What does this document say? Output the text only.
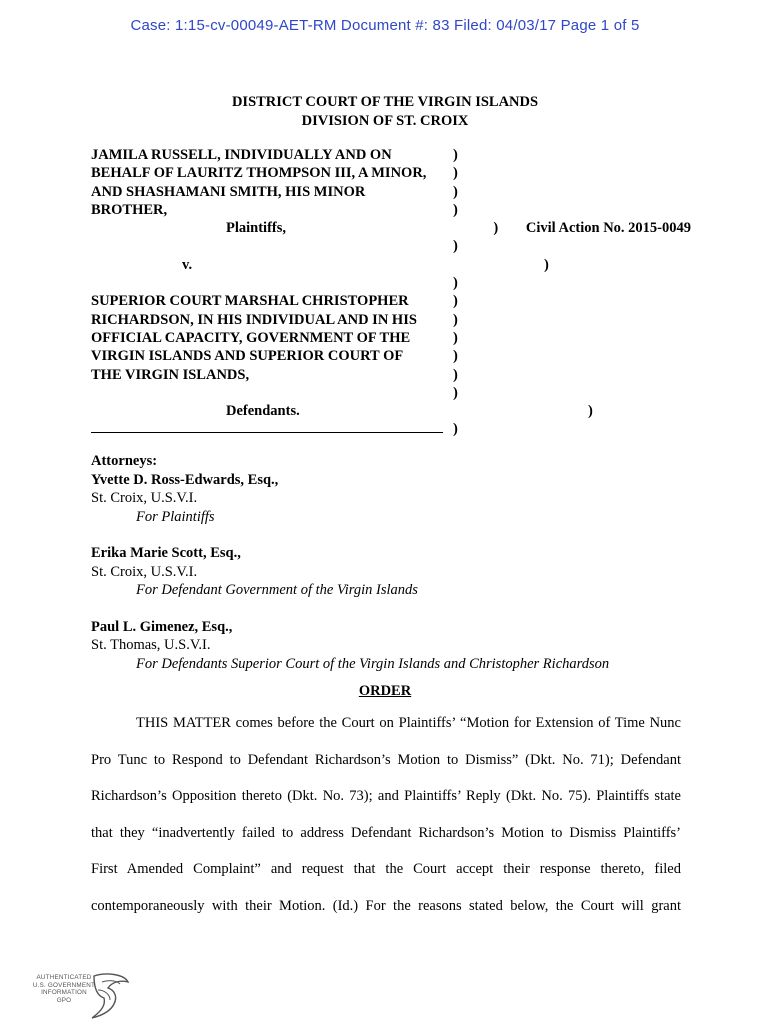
Case: 1:15-cv-00049-AET-RM Document #: 83 Filed: 04/03/17 Page 1 of 5
DISTRICT COURT OF THE VIRGIN ISLANDS
DIVISION OF ST. CROIX
JAMILA RUSSELL, INDIVIDUALLY AND ON	)
BEHALF OF LAURITZ THOMPSON III, A MINOR,	)
AND SHASHAMANI SMITH, HIS MINOR	)
BROTHER,	)
Plaintiffs,	)	Civil Action No. 2015-0049
)
v.	)
)
SUPERIOR COURT MARSHAL CHRISTOPHER	)
RICHARDSON, IN HIS INDIVIDUAL AND IN HIS	)
OFFICIAL CAPACITY, GOVERNMENT OF THE	)
VIRGIN ISLANDS AND SUPERIOR COURT OF	)
THE VIRGIN ISLANDS,	)
)
Defendants.	)
)
Attorneys:
Yvette D. Ross-Edwards, Esq.,
St. Croix, U.S.V.I.
For Plaintiffs
Erika Marie Scott, Esq.,
St. Croix, U.S.V.I.
For Defendant Government of the Virgin Islands
Paul L. Gimenez, Esq.,
St. Thomas, U.S.V.I.
For Defendants Superior Court of the Virgin Islands and Christopher Richardson
ORDER
THIS MATTER comes before the Court on Plaintiffs’ “Motion for Extension of Time Nunc
Pro Tunc to Respond to Defendant Richardson’s Motion to Dismiss” (Dkt. No. 71); Defendant
Richardson’s Opposition thereto (Dkt. No. 73); and Plaintiffs’ Reply (Dkt. No. 75). Plaintiffs state
that they “inadvertently failed to address Defendant Richardson’s Motion to Dismiss Plaintiffs’
First Amended Complaint” and request that the Court accept their response thereto, filed
contemporaneously with their Motion. (Id.) For the reasons stated below, the Court will grant
AUTHENTICATED
U.S. GOVERNMENT
INFORMATION
GPO
